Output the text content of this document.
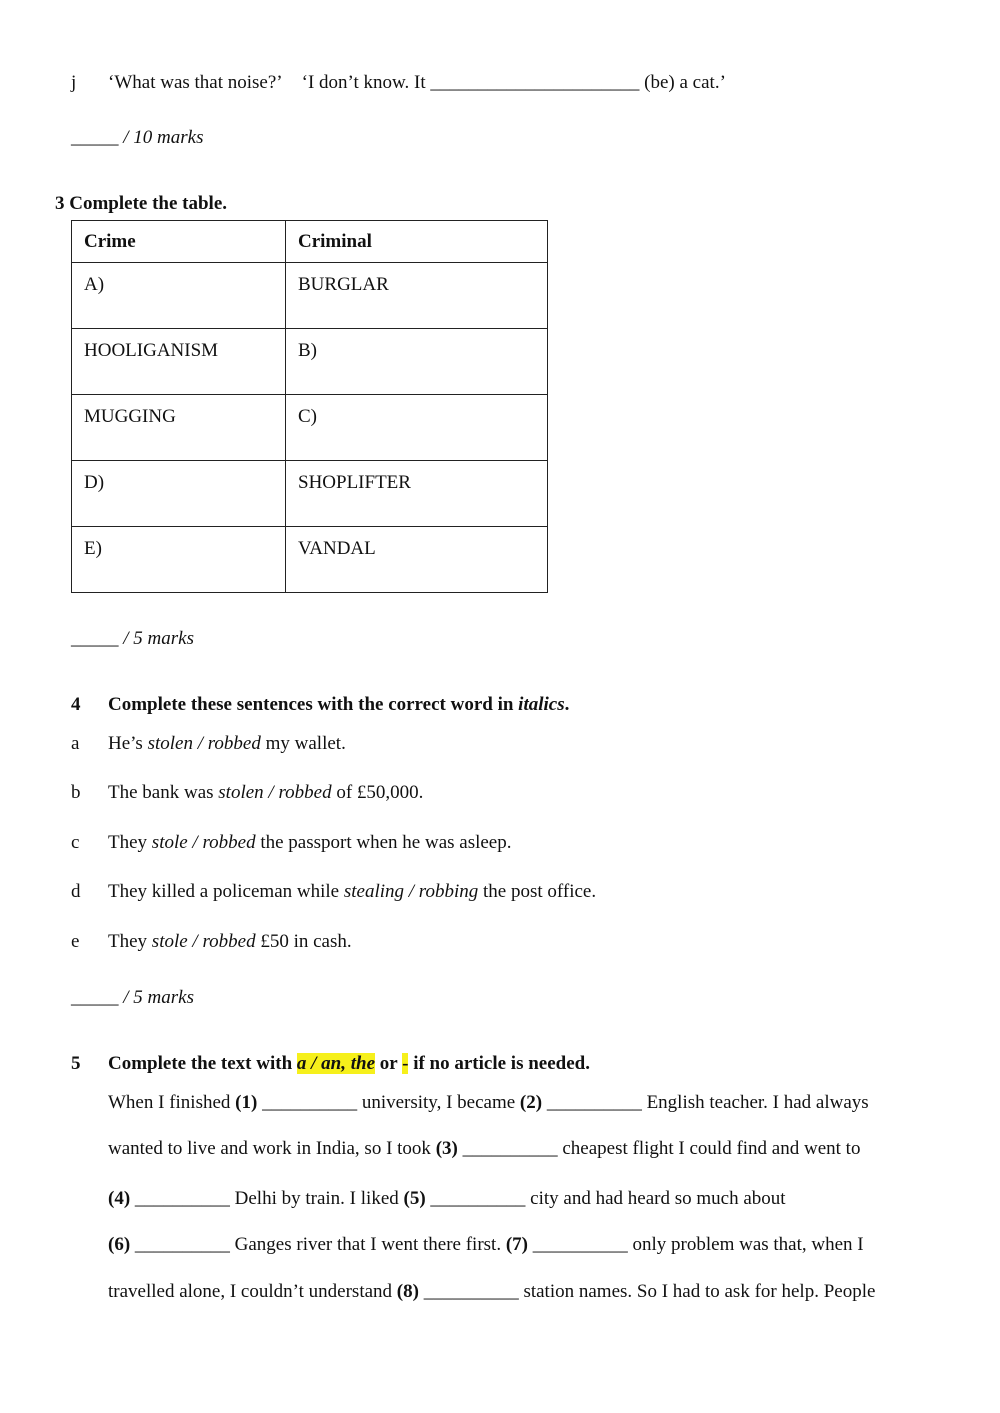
j ‘What was that noise?’ ‘I don’t know. It ______________________ (be) a cat.’
_____ / 10 marks
3 Complete the table.
Crime	Criminal
A)	BURGLAR
HOOLIGANISM	B)
MUGGING	C)
D)	SHOPLIFTER
E)	VANDAL
_____ / 5 marks
4 Complete these sentences with the correct word in italics.
a He’s stolen / robbed my wallet.
b The bank was stolen / robbed of £50,000.
c They stole / robbed the passport when he was asleep.
d They killed a policeman while stealing / robbing the post office.
e They stole / robbed £50 in cash.
_____ / 5 marks
5 Complete the text with a / an, the or - if no article is needed.
When I finished (1) __________ university, I became (2) __________ English teacher. I had always
wanted to live and work in India, so I took (3) __________ cheapest flight I could find and went to
(4) __________ Delhi by train. I liked (5) __________ city and had heard so much about
(6) __________ Ganges river that I went there first. (7) __________ only problem was that, when I
travelled alone, I couldn’t understand (8) __________ station names. So I had to ask for help. People
